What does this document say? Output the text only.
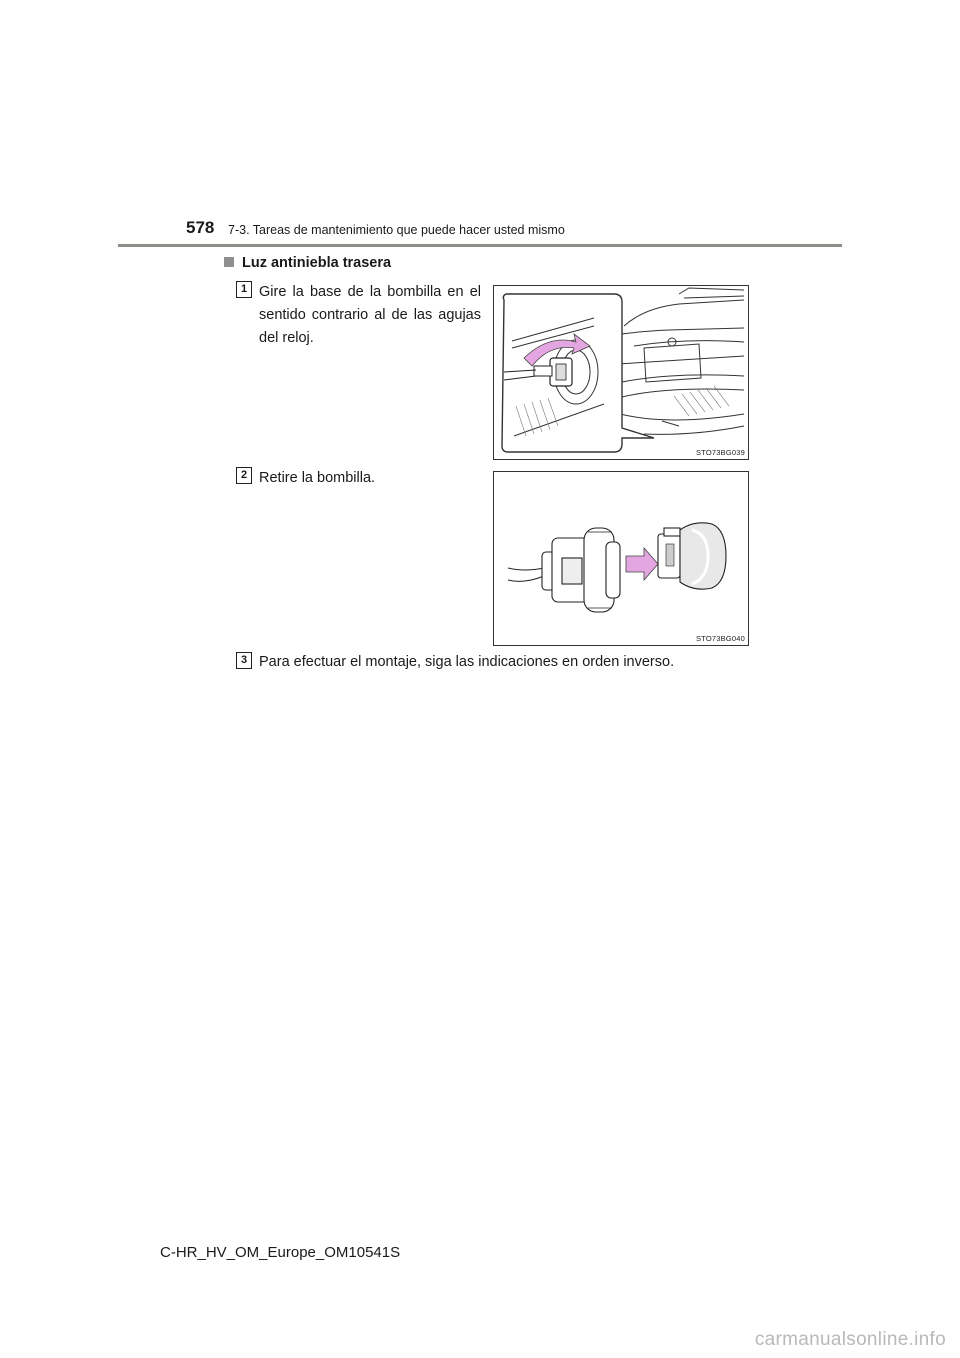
578 7-3. Tareas de mantenimiento que puede hacer usted mismo
Luz antiniebla trasera
1 Gire la base de la bombilla en el sentido contrario al de las agujas del reloj.
STO73BG039
2 Retire la bombilla.
STO73BG040
3 Para efectuar el montaje, siga las indicaciones en orden inverso.
C-HR_HV_OM_Europe_OM10541S
carmanualsonline.info
